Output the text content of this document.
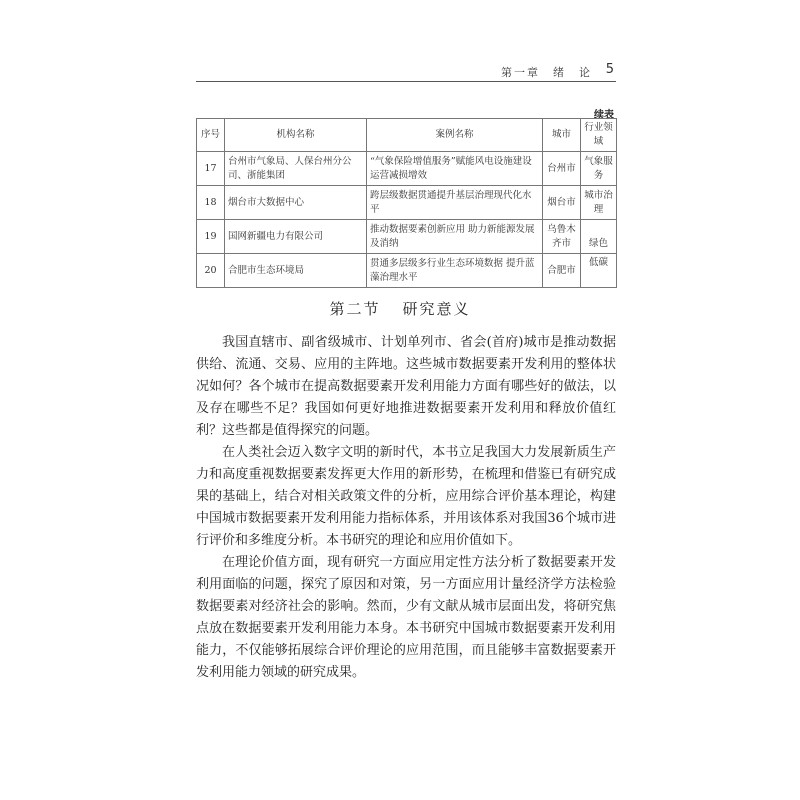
第一章　绪　论 5
续表
序号	机构名称	案例名称	城市	行业领域
17	台州市气象局、人保台州分公司、浙能集团	“气象保险增值服务”赋能风电设施建设运营减损增效	台州市	气象服务
18	烟台市大数据中心	跨层级数据贯通提升基层治理现代化水平	烟台市	城市治理
19	国网新疆电力有限公司	推动数据要素创新应用 助力新能源发展及消纳	乌鲁木齐市	绿色
20	合肥市生态环境局	贯通多层级多行业生态环境数据 提升蓝藻治理水平	合肥市	低碳
第二节 研究意义

我国直辖市、副省级城市、计划单列市、省会(首府)城市是推动数据供给、流通、交易、应用的主阵地。这些城市数据要素开发利用的整体状况如何？各个城市在提高数据要素开发利用能力方面有哪些好的做法，以及存在哪些不足？我国如何更好地推进数据要素开发利用和释放价值红利？这些都是值得探究的问题。

在人类社会迈入数字文明的新时代，本书立足我国大力发展新质生产力和高度重视数据要素发挥更大作用的新形势，在梳理和借鉴已有研究成果的基础上，结合对相关政策文件的分析，应用综合评价基本理论，构建中国城市数据要素开发利用能力指标体系，并用该体系对我国36个城市进行评价和多维度分析。本书研究的理论和应用价值如下。

在理论价值方面，现有研究一方面应用定性方法分析了数据要素开发利用面临的问题，探究了原因和对策，另一方面应用计量经济学方法检验数据要素对经济社会的影响。然而，少有文献从城市层面出发，将研究焦点放在数据要素开发利用能力本身。本书研究中国城市数据要素开发利用能力，不仅能够拓展综合评价理论的应用范围，而且能够丰富数据要素开发利用能力领域的研究成果。
